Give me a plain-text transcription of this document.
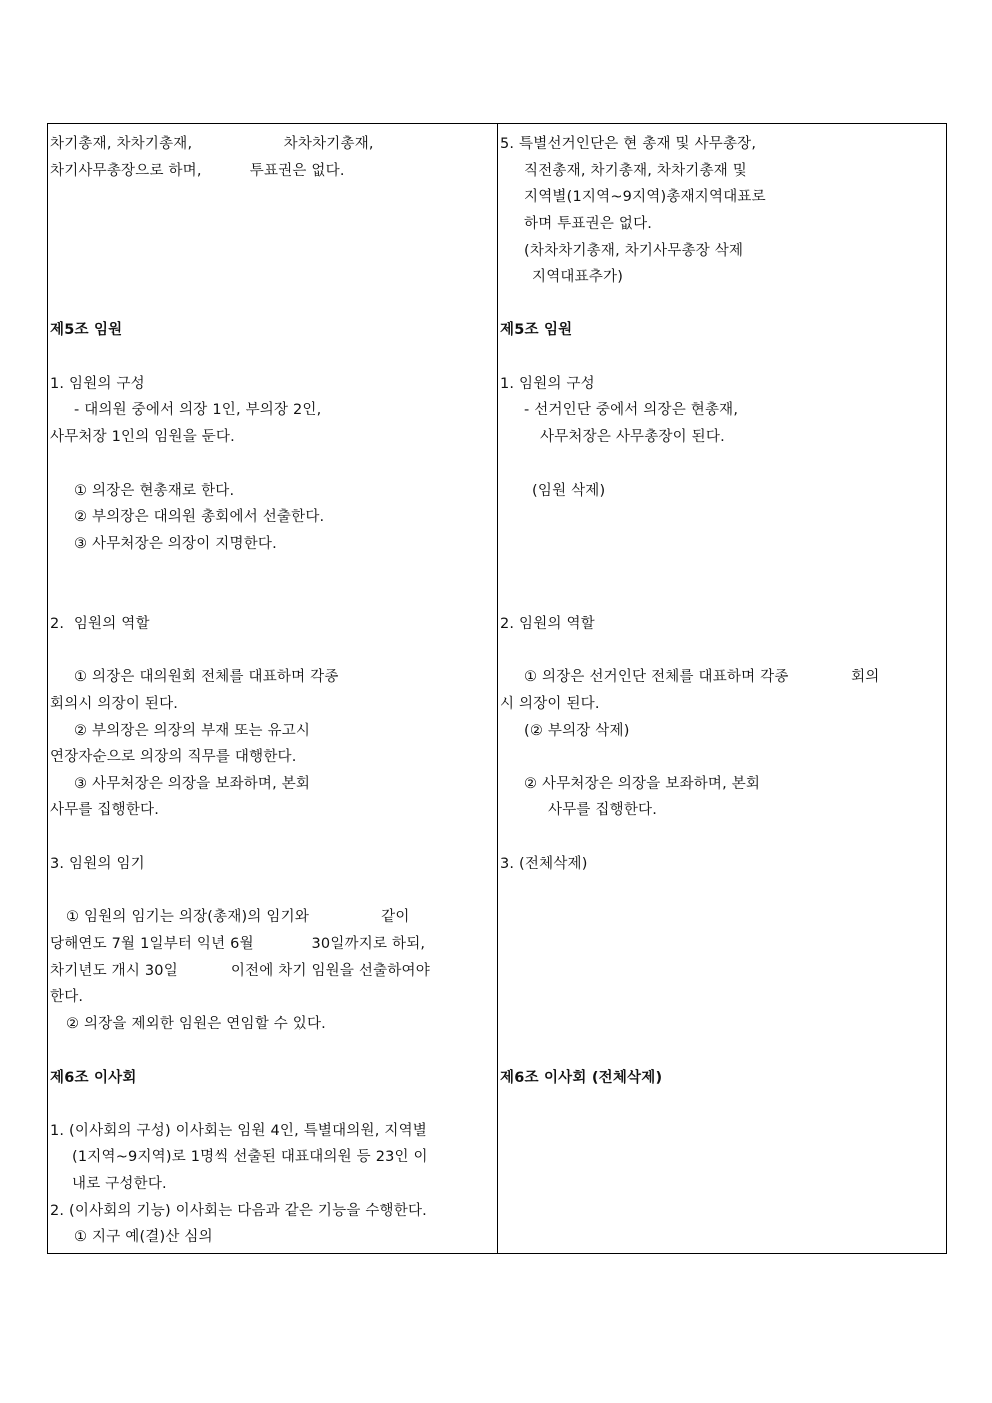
차기총재, 차차기총재,                   차차차기총재,
차기사무총장으로 하며,          투표권은 없다.
제5조 임원
1. 임원의 구성
- 대의원 중에서 의장 1인, 부의장 2인,
사무처장 1인의 임원을 둔다.
① 의장은 현총재로 한다.
② 부의장은 대의원 총회에서 선출한다.
③ 사무처장은 의장이 지명한다.
2.  임원의 역할
① 의장은 대의원회 전체를 대표하며 각종
회의시 의장이 된다.
② 부의장은 의장의 부재 또는 유고시
연장자순으로 의장의 직무를 대행한다.
③ 사무처장은 의장을 보좌하며, 본회
사무를 집행한다.
3. 임원의 임기
① 임원의 임기는 의장(총재)의 임기와               같이
당해연도 7월 1일부터 익년 6월            30일까지로 하되,
차기년도 개시 30일           이전에 차기 임원을 선출하여야
한다.
② 의장을 제외한 임원은 연임할 수 있다.
제6조 이사회
1. (이사회의 구성) 이사회는 임원 4인, 특별대의원, 지역별
(1지역~9지역)로 1명씩 선출된 대표대의원 등 23인 이
내로 구성한다.
2. (이사회의 기능) 이사회는 다음과 같은 기능을 수행한다.
① 지구 예(결)산 심의
5. 특별선거인단은 현 총재 및 사무총장,
직전총재, 차기총재, 차차기총재 및
지역별(1지역~9지역)총재지역대표로
하며 투표권은 없다.
(차차차기총재, 차기사무총장 삭제
지역대표추가)
제5조 임원
1. 임원의 구성
- 선거인단 중에서 의장은 현총재,
사무처장은 사무총장이 된다.
(임원 삭제)
2. 임원의 역할
① 의장은 선거인단 전체를 대표하며 각종             회의
시 의장이 된다.
(② 부의장 삭제)
② 사무처장은 의장을 보좌하며, 본회
사무를 집행한다.
3. (전체삭제)
제6조 이사회 (전체삭제)
